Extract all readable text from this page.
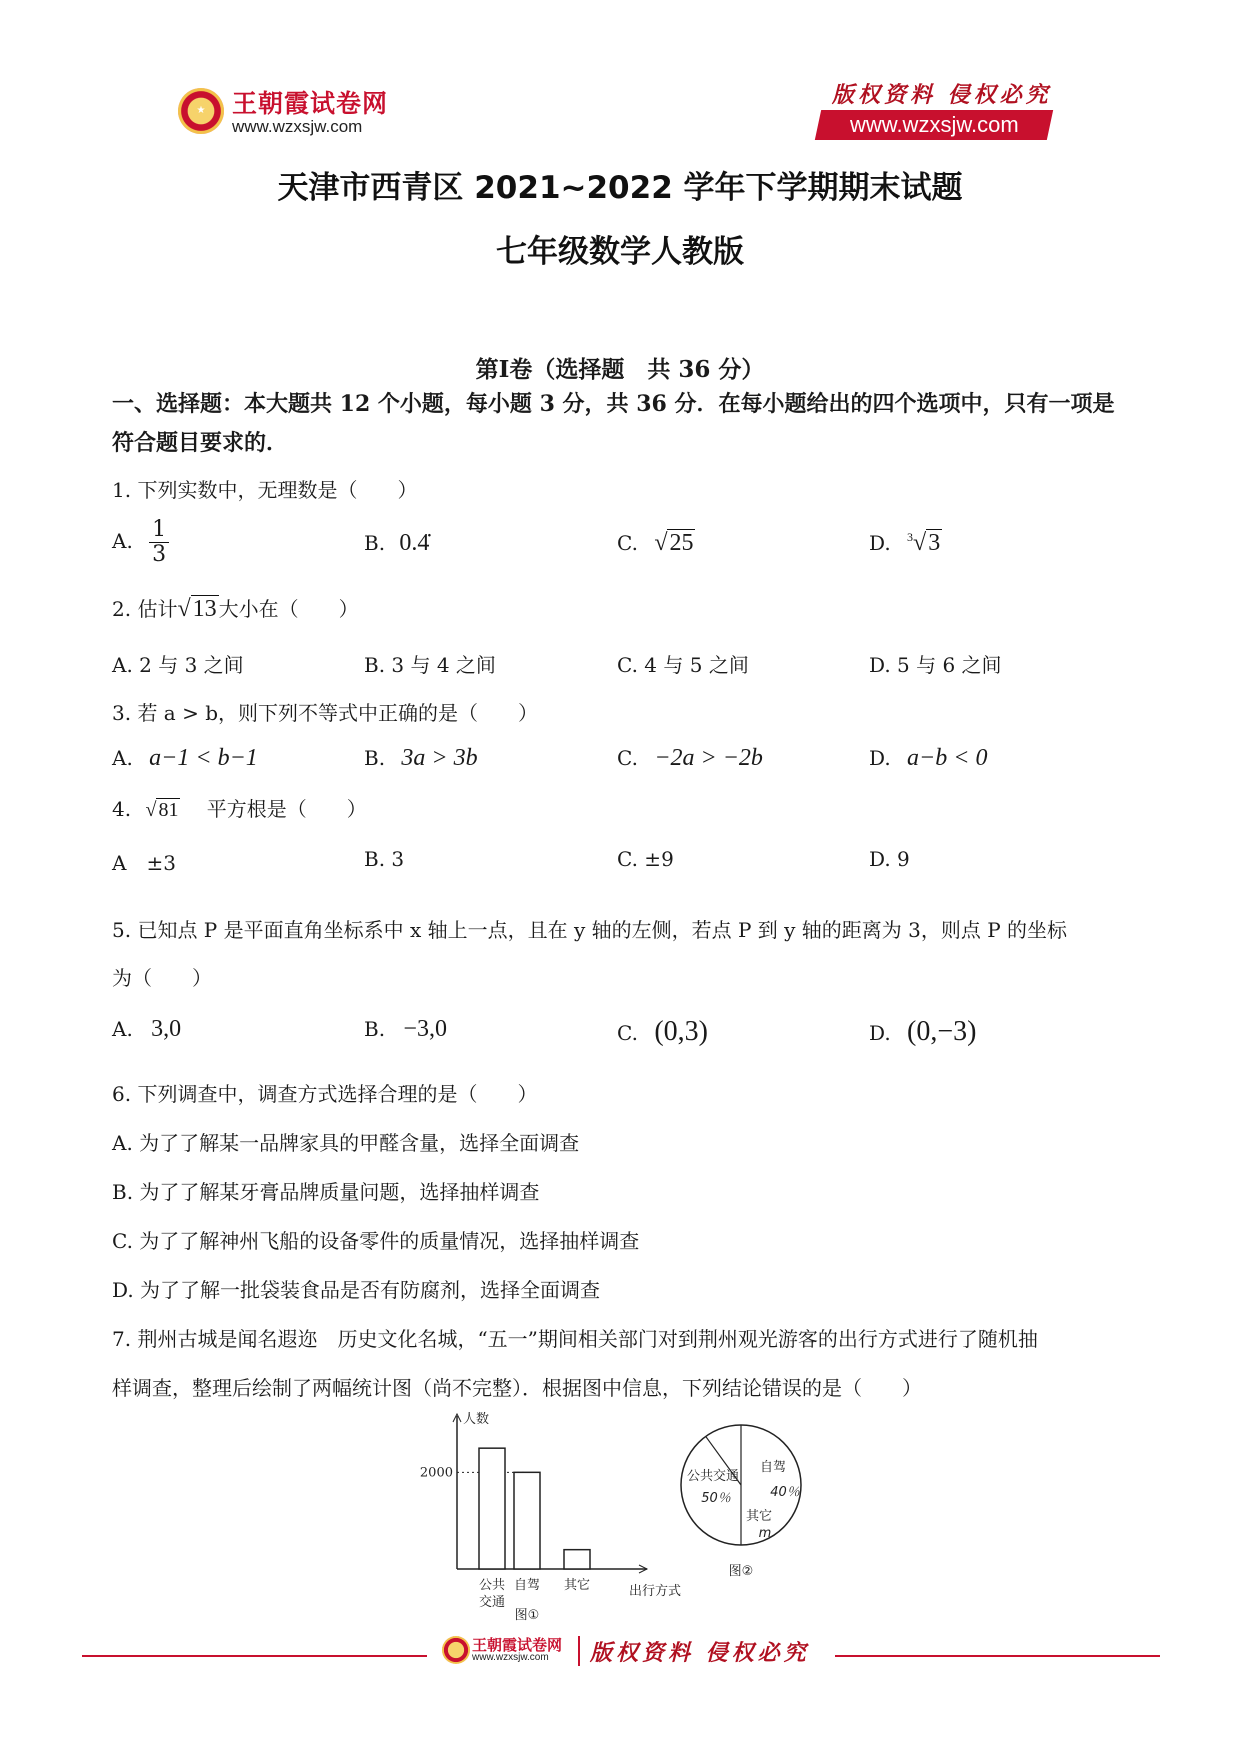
★	王朝霞试卷网
www.wzxsjw.com
版权资料 侵权必究
www.wzxsjw.com
天津市西青区 2021~2022 学年下学期期末试题
七年级数学人教版
第Ⅰ卷（选择题　共 36 分）
一、选择题：本大题共 12 个小题，每小题 3 分，共 36 分．在每小题给出的四个选项中，只有一项是符合题目要求的．
1. 下列实数中，无理数是（　　）
A. $\frac{1}{3}$	B. 0.4̇	C. √25	D. $^3$√3
2. 估计√13 大小在（　　）
A. 2 与 3 之间	B. 3 与 4 之间	C. 4 与 5 之间	D. 5 与 6 之间
3. 若 a > b，则下列不等式中正确的是（　　）
A. a−1 < b−1	B. 3a > 3b	C. −2a > −2b	D. a−b < 0
4. √ 81 平方根是（　　）
A　±3	B. 3	C. ±9	D. 9
5. 已知点 P 是平面直角坐标系中 x 轴上一点，且在 y 轴的左侧，若点 P 到 y 轴的距离为 3，则点 P 的坐标
为（　　）
A. 3,0	B. −3,0	C. (0,3)	D. (0,−3)
6. 下列调查中，调查方式选择合理的是（　　）
A. 为了了解某一品牌家具的甲醛含量，选择全面调查
B. 为了了解某牙膏品牌质量问题，选择抽样调查
C. 为了了解神州飞船的设备零件的质量情况，选择抽样调查
D. 为了了解一批袋装食品是否有防腐剂，选择全面调查
7. 荆州古城是闻名遐迩　历史文化名城，“五一”期间相关部门对到荆州观光游客的出行方式进行了随机抽
样调查，整理后绘制了两幅统计图（尚不完整）．根据图中信息，下列结论错误的是（　　）
人数
出行方式
2000
公共
交通
自驾 其它
图①
公共交通
50％
自驾
40％
其它
m
图②
王朝霞试卷网
www.wzxsjw.com 版权资料 侵权必究
